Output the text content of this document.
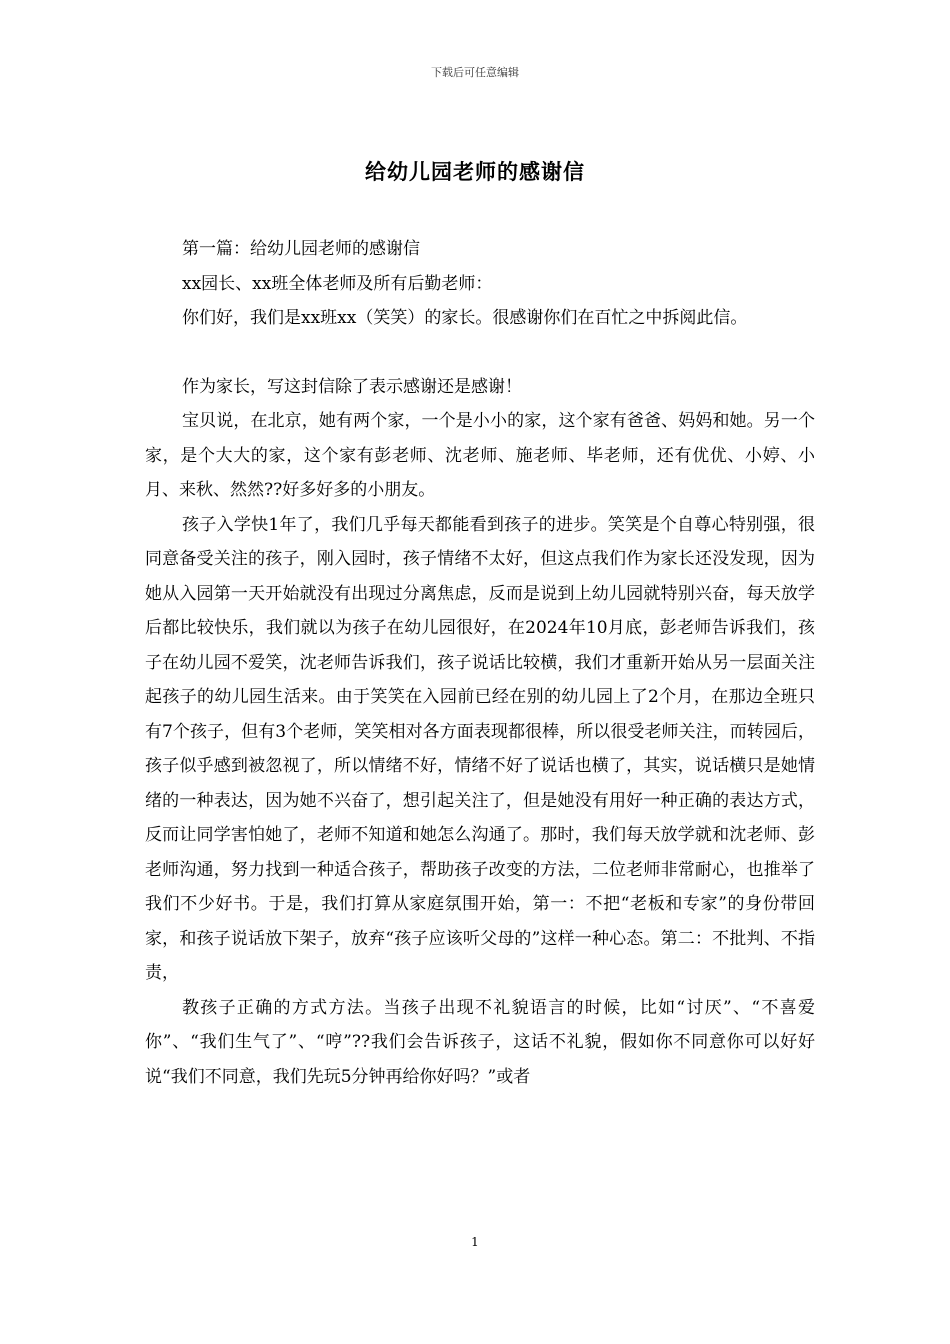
下载后可任意编辑
给幼儿园老师的感谢信

第一篇：给幼儿园老师的感谢信

xx园长、xx班全体老师及所有后勤老师：

你们好，我们是xx班xx（笑笑）的家长。很感谢你们在百忙之中拆阅此信。

作为家长，写这封信除了表示感谢还是感谢！

宝贝说，在北京，她有两个家，一个是小小的家，这个家有爸爸、妈妈和她。另一个家，是个大大的家，这个家有彭老师、沈老师、施老师、毕老师，还有优优、小婷、小月、来秋、然然??好多好多的小朋友。

孩子入学快1年了，我们几乎每天都能看到孩子的进步。笑笑是个自尊心特别强，很同意备受关注的孩子，刚入园时，孩子情绪不太好，但这点我们作为家长还没发现，因为她从入园第一天开始就没有出现过分离焦虑，反而是说到上幼儿园就特别兴奋，每天放学后都比较快乐，我们就以为孩子在幼儿园很好，在2024年10月底，彭老师告诉我们，孩子在幼儿园不爱笑，沈老师告诉我们，孩子说话比较横，我们才重新开始从另一层面关注起孩子的幼儿园生活来。由于笑笑在入园前已经在别的幼儿园上了2个月，在那边全班只有7个孩子，但有3个老师，笑笑相对各方面表现都很棒，所以很受老师关注，而转园后，孩子似乎感到被忽视了，所以情绪不好，情绪不好了说话也横了，其实，说话横只是她情绪的一种表达，因为她不兴奋了，想引起关注了，但是她没有用好一种正确的表达方式，反而让同学害怕她了，老师不知道和她怎么沟通了。那时，我们每天放学就和沈老师、彭老师沟通，努力找到一种适合孩子，帮助孩子改变的方法，二位老师非常耐心，也推举了我们不少好书。于是，我们打算从家庭氛围开始，第一：不把“老板和专家”的身份带回家，和孩子说话放下架子，放弃“孩子应该听父母的”这样一种心态。第二：不批判、不指责，

教孩子正确的方式方法。当孩子出现不礼貌语言的时候，比如“讨厌”、“不喜爱你”、“我们生气了”、“哼”??我们会告诉孩子，这话不礼貌，假如你不同意你可以好好说“我们不同意，我们先玩5分钟再给你好吗？”或者

1
